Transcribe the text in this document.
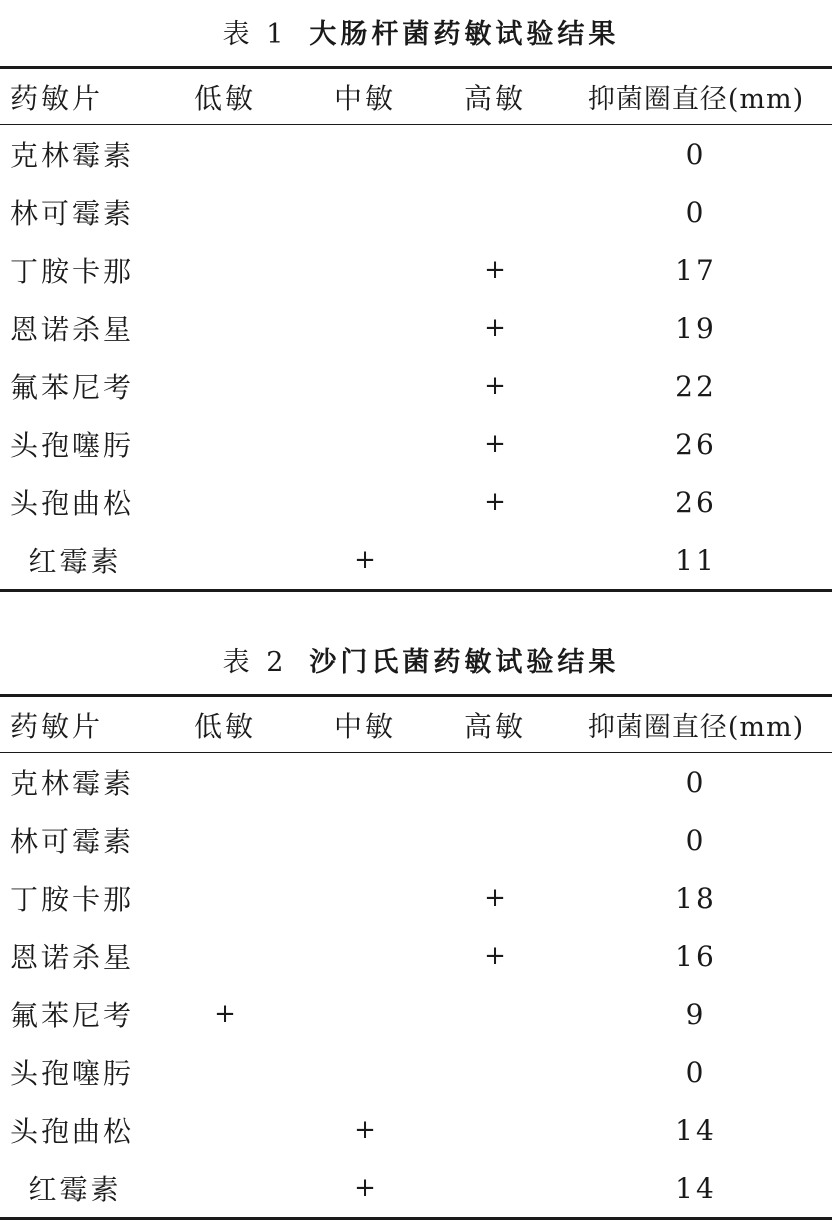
表 1 大肠杆菌药敏试验结果
药敏片	低敏	中敏	高敏	抑菌圈直径(mm)
克林霉素				0
林可霉素				0
丁胺卡那			+	17
恩诺杀星			+	19
氟苯尼考			+	22
头孢噻肟			+	26
头孢曲松			+	26
红霉素		+		11
表 2 沙门氏菌药敏试验结果
药敏片	低敏	中敏	高敏	抑菌圈直径(mm)
克林霉素				0
林可霉素				0
丁胺卡那			+	18
恩诺杀星			+	16
氟苯尼考	+			9
头孢噻肟				0
头孢曲松		+		14
红霉素		+		14
